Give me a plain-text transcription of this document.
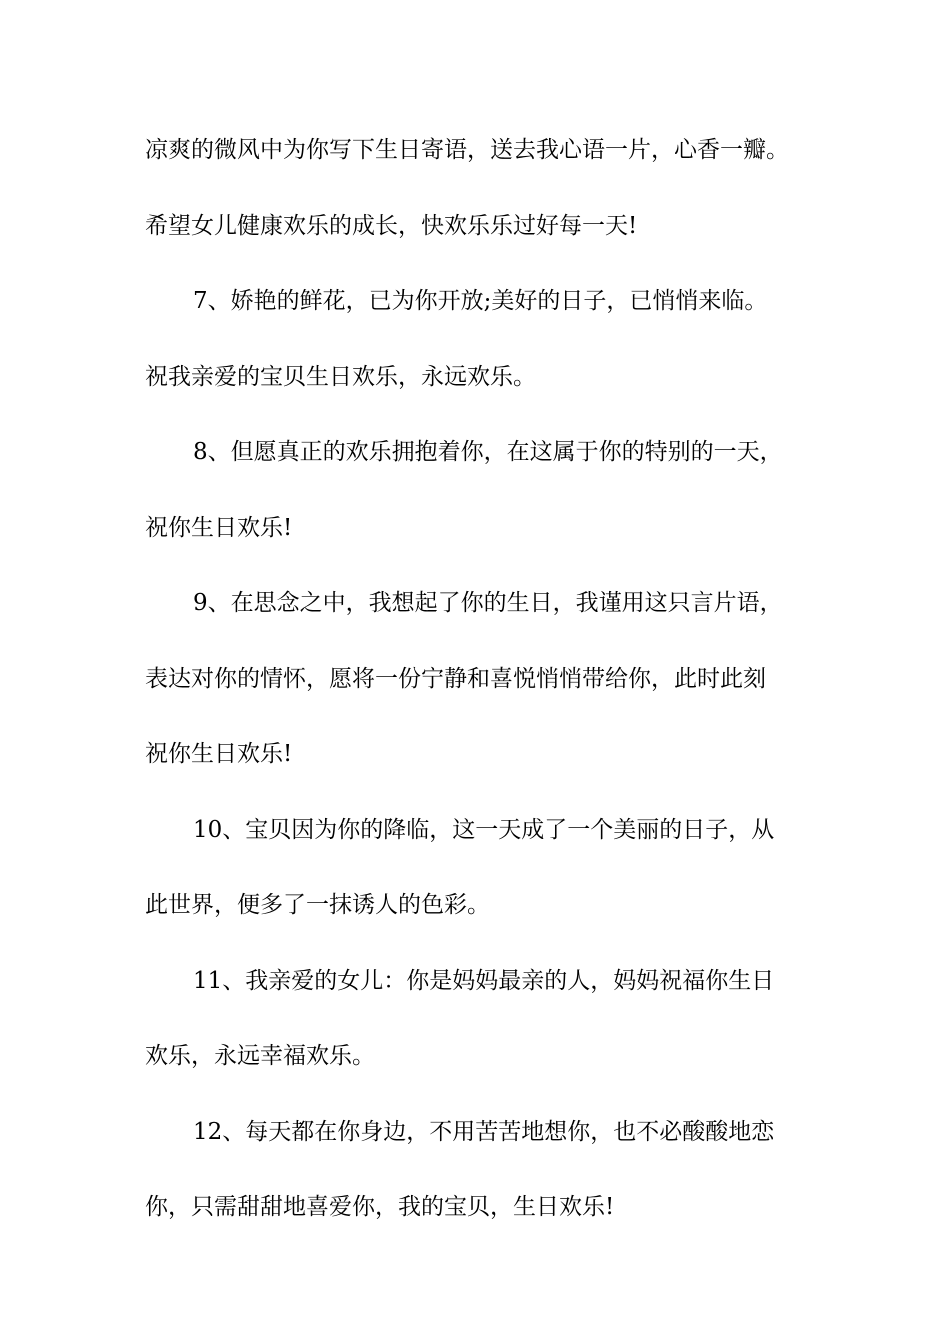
凉爽的微风中为你写下生日寄语，送去我心语一片，心香一瓣。
希望女儿健康欢乐的成长，快欢乐乐过好每一天!
7、娇艳的鲜花，已为你开放;美好的日子，已悄悄来临。
祝我亲爱的宝贝生日欢乐，永远欢乐。
8、但愿真正的欢乐拥抱着你，在这属于你的特别的一天，
祝你生日欢乐!
9、在思念之中，我想起了你的生日，我谨用这只言片语，
表达对你的情怀，愿将一份宁静和喜悦悄悄带给你，此时此刻
祝你生日欢乐!
10、宝贝因为你的降临，这一天成了一个美丽的日子，从
此世界，便多了一抹诱人的色彩。
11、我亲爱的女儿：你是妈妈最亲的人，妈妈祝福你生日
欢乐，永远幸福欢乐。
12、每天都在你身边，不用苦苦地想你，也不必酸酸地恋
你，只需甜甜地喜爱你，我的宝贝，生日欢乐!
